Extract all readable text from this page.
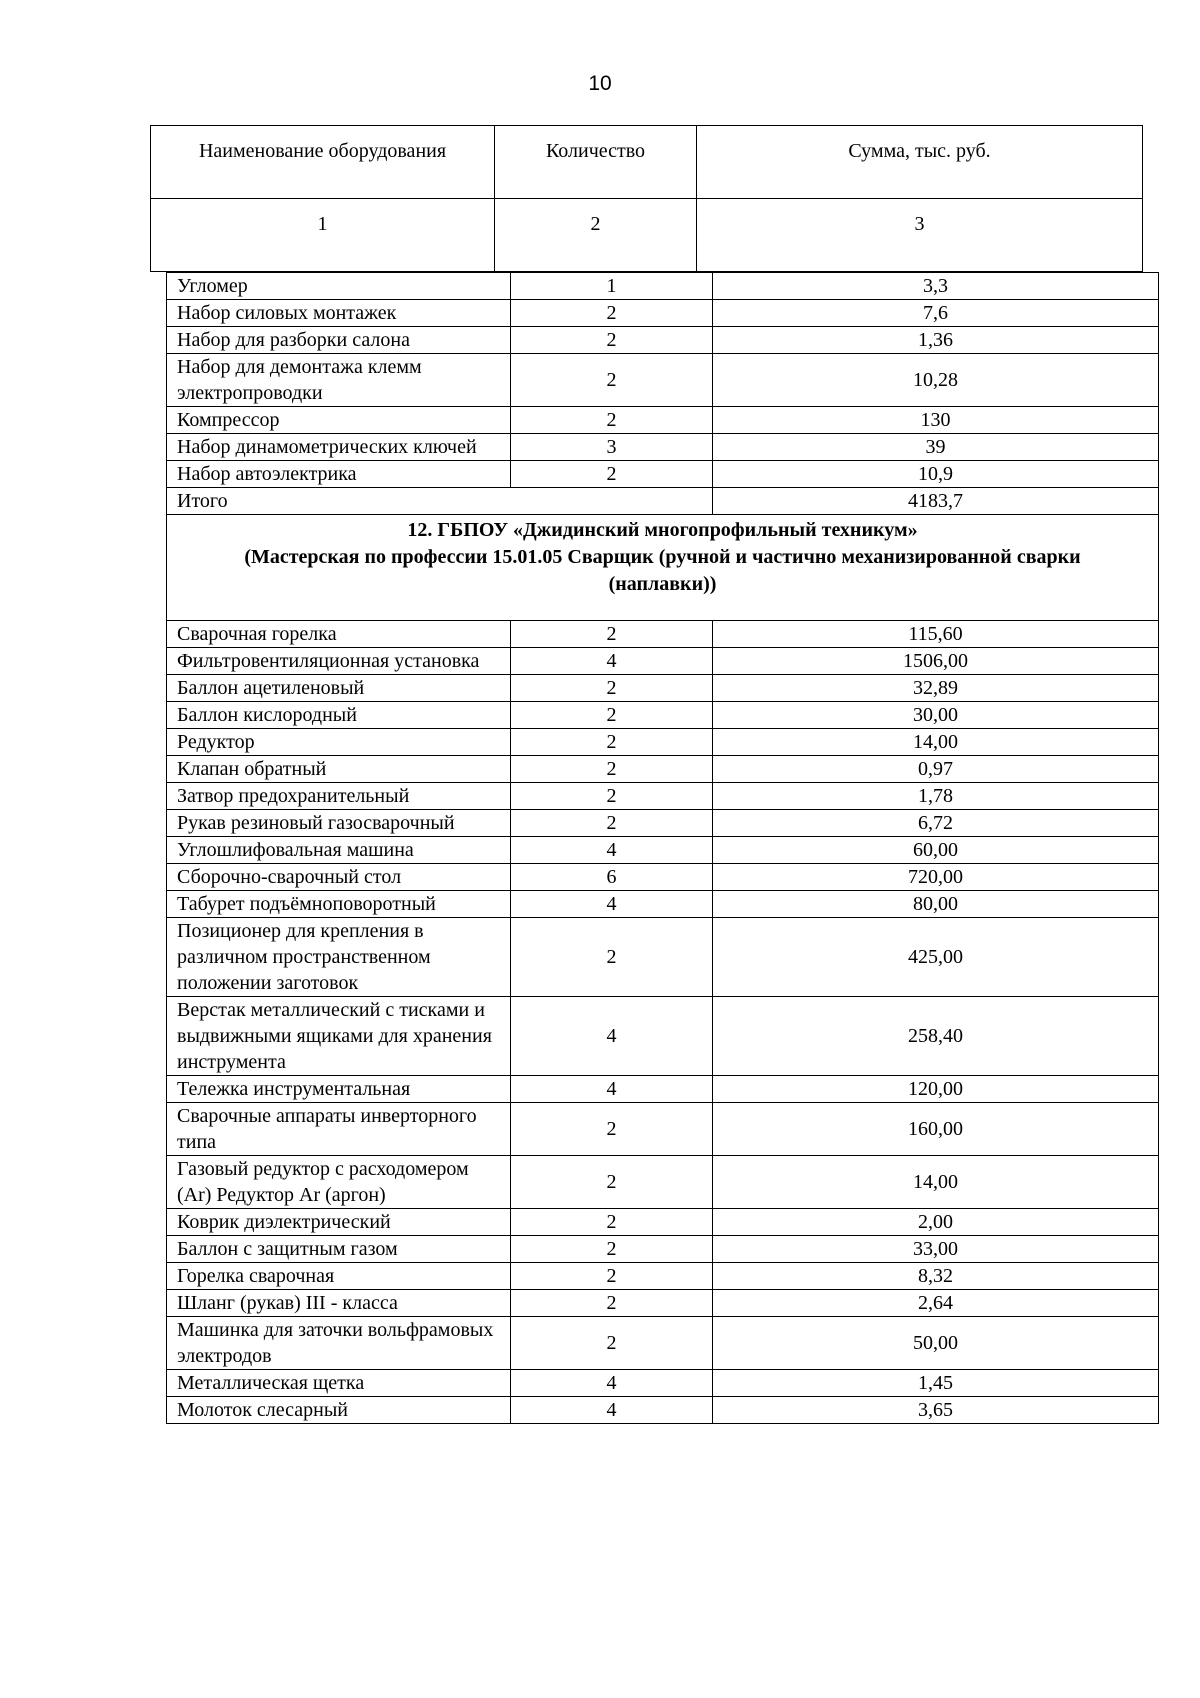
10
Наименование оборудования	Количество	Сумма, тыс. руб.
1	2	3
Угломер	1	3,3
Набор силовых монтажек	2	7,6
Набор для разборки салона	2	1,36
Набор для демонтажа клемм электропроводки	2	10,28
Компрессор	2	130
Набор динамометрических ключей	3	39
Набор автоэлектрика	2	10,9
Итого		4183,7

12. ГБПОУ «Джидинский многопрофильный техникум»
(Мастерская по профессии 15.01.05 Сварщик (ручной и частично механизированной сварки
(наплавки))		

Сварочная горелка	2	115,60
Фильтровентиляционная установка	4	1506,00
Баллон ацетиленовый	2	32,89
Баллон кислородный	2	30,00
Редуктор	2	14,00
Клапан обратный	2	0,97
Затвор предохранительный	2	1,78
Рукав резиновый газосварочный	2	6,72
Углошлифовальная машина	4	60,00
Сборочно-сварочный стол	6	720,00
Табурет подъёмноповоротный	4	80,00
Позиционер для крепления в различном пространственном положении заготовок	2	425,00
Верстак металлический с тисками и выдвижными ящиками для хранения инструмента	4	258,40
Тележка инструментальная	4	120,00
Сварочные аппараты инверторного типа	2	160,00
Газовый редуктор с расходомером (Ar) Редуктор Ar (аргон)	2	14,00
Коврик диэлектрический	2	2,00
Баллон с защитным газом	2	33,00
Горелка сварочная	2	8,32
Шланг (рукав) III - класса	2	2,64
Машинка для заточки вольфрамовых электродов	2	50,00
Металлическая щетка	4	1,45
Молоток слесарный	4	3,65
